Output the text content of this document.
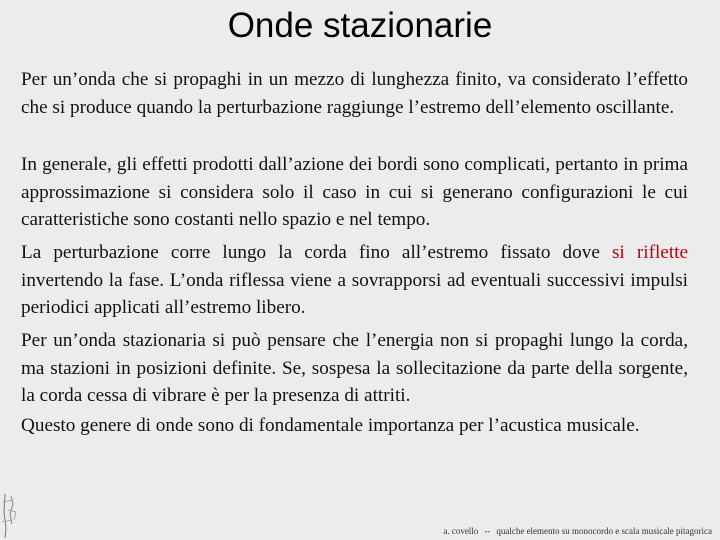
Onde stazionarie

Per un’onda che si propaghi in un mezzo di lunghezza finito, va considerato l’effetto che si produce quando la perturbazione raggiunge l’estremo dell’elemento oscillante.

In generale, gli effetti prodotti dall’azione dei bordi sono complicati, pertanto in prima approssimazione si considera solo il caso in cui si generano configurazioni le cui caratteristiche sono costanti nello spazio e nel tempo.

La perturbazione corre lungo la corda fino all’estremo fissato dove si riflette invertendo la fase. L’onda riflessa viene a sovrapporsi ad eventuali successivi impulsi periodici applicati all’estremo libero.

Per un’onda stazionaria si può pensare che l’energia non si propaghi lungo la corda, ma stazioni in posizioni definite. Se, sospesa la sollecitazione da parte della sorgente, la corda cessa di vibrare è per la presenza di attriti.

Questo genere di onde sono di fondamentale importanza per l’acustica musicale.

a. covello -- qualche elemento su monocordo e scala musicale pitagorica
